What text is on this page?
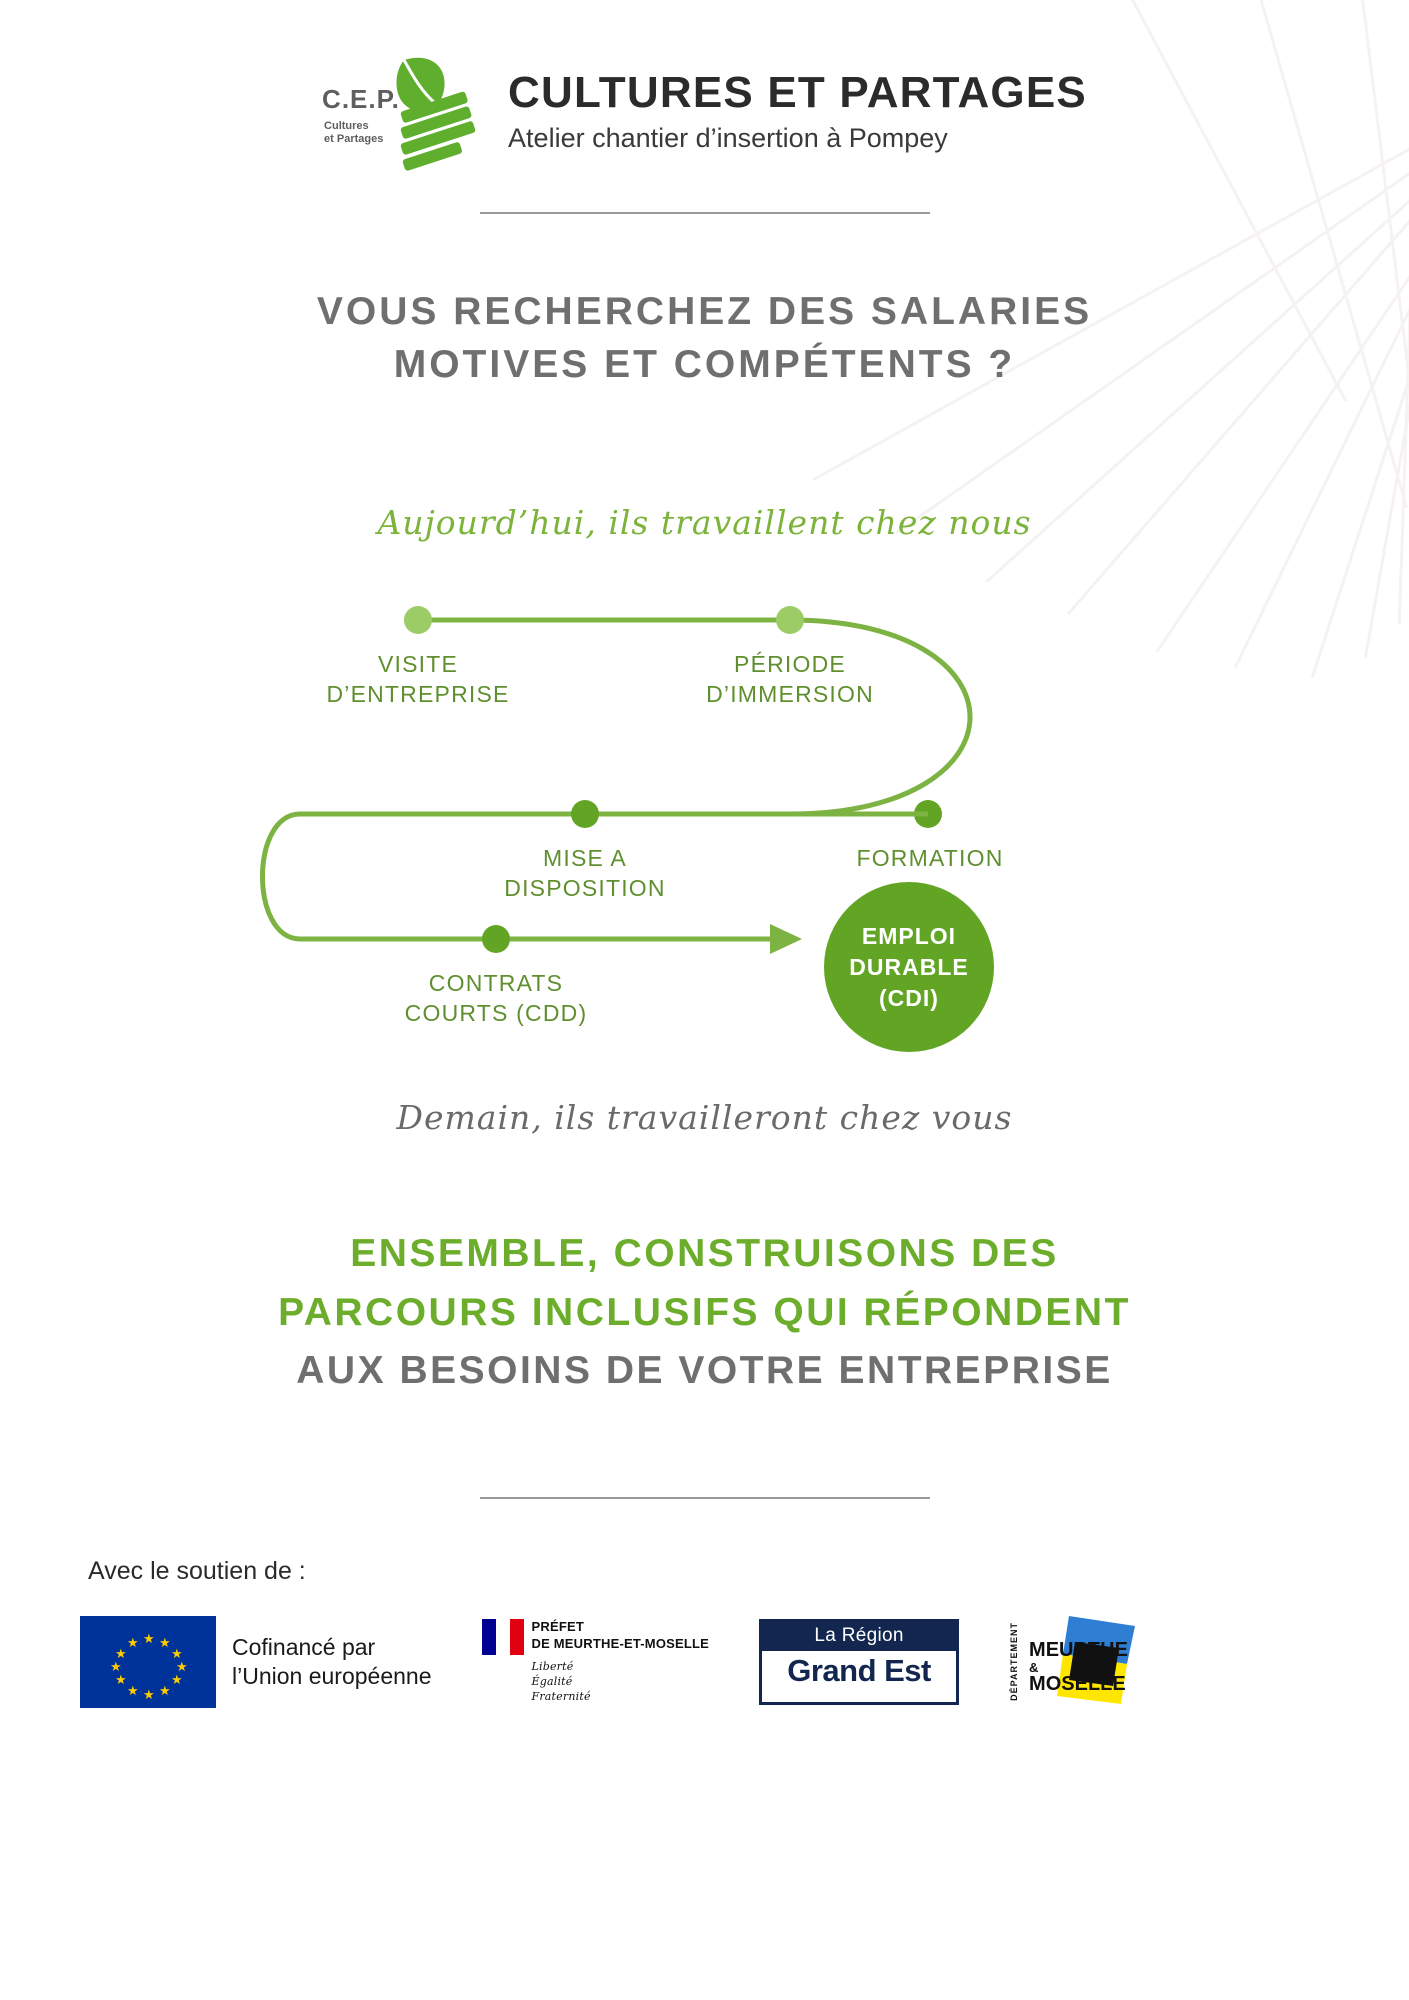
C.E.P.
Cultures
et Partages
CULTURES ET PARTAGES
Atelier chantier d’insertion à Pompey
VOUS RECHERCHEZ DES SALARIES
MOTIVES ET COMPÉTENTS ?
Aujourd’hui, ils travaillent chez nous
VISITE
D’ENTREPRISE
PÉRIODE
D’IMMERSION
FORMATION
MISE A
DISPOSITION
CONTRATS
COURTS (CDD)
EMPLOI
DURABLE
(CDI)
Demain, ils travailleront chez vous
ENSEMBLE, CONSTRUISONS DES
PARCOURS INCLUSIFS QUI RÉPONDENT
AUX BESOINS DE VOTRE ENTREPRISE
Avec le soutien de :
★
★
★
★
★
★ ★ ★
★
★
★
★	Cofinancé par
l’Union européenne
PRÉFET
DE MEURTHE-ET-MOSELLE
Liberté
Égalité
Fraternité
La Région
Grand Est	DÉPARTEMENT MEURTHE
&
MOSELLE
